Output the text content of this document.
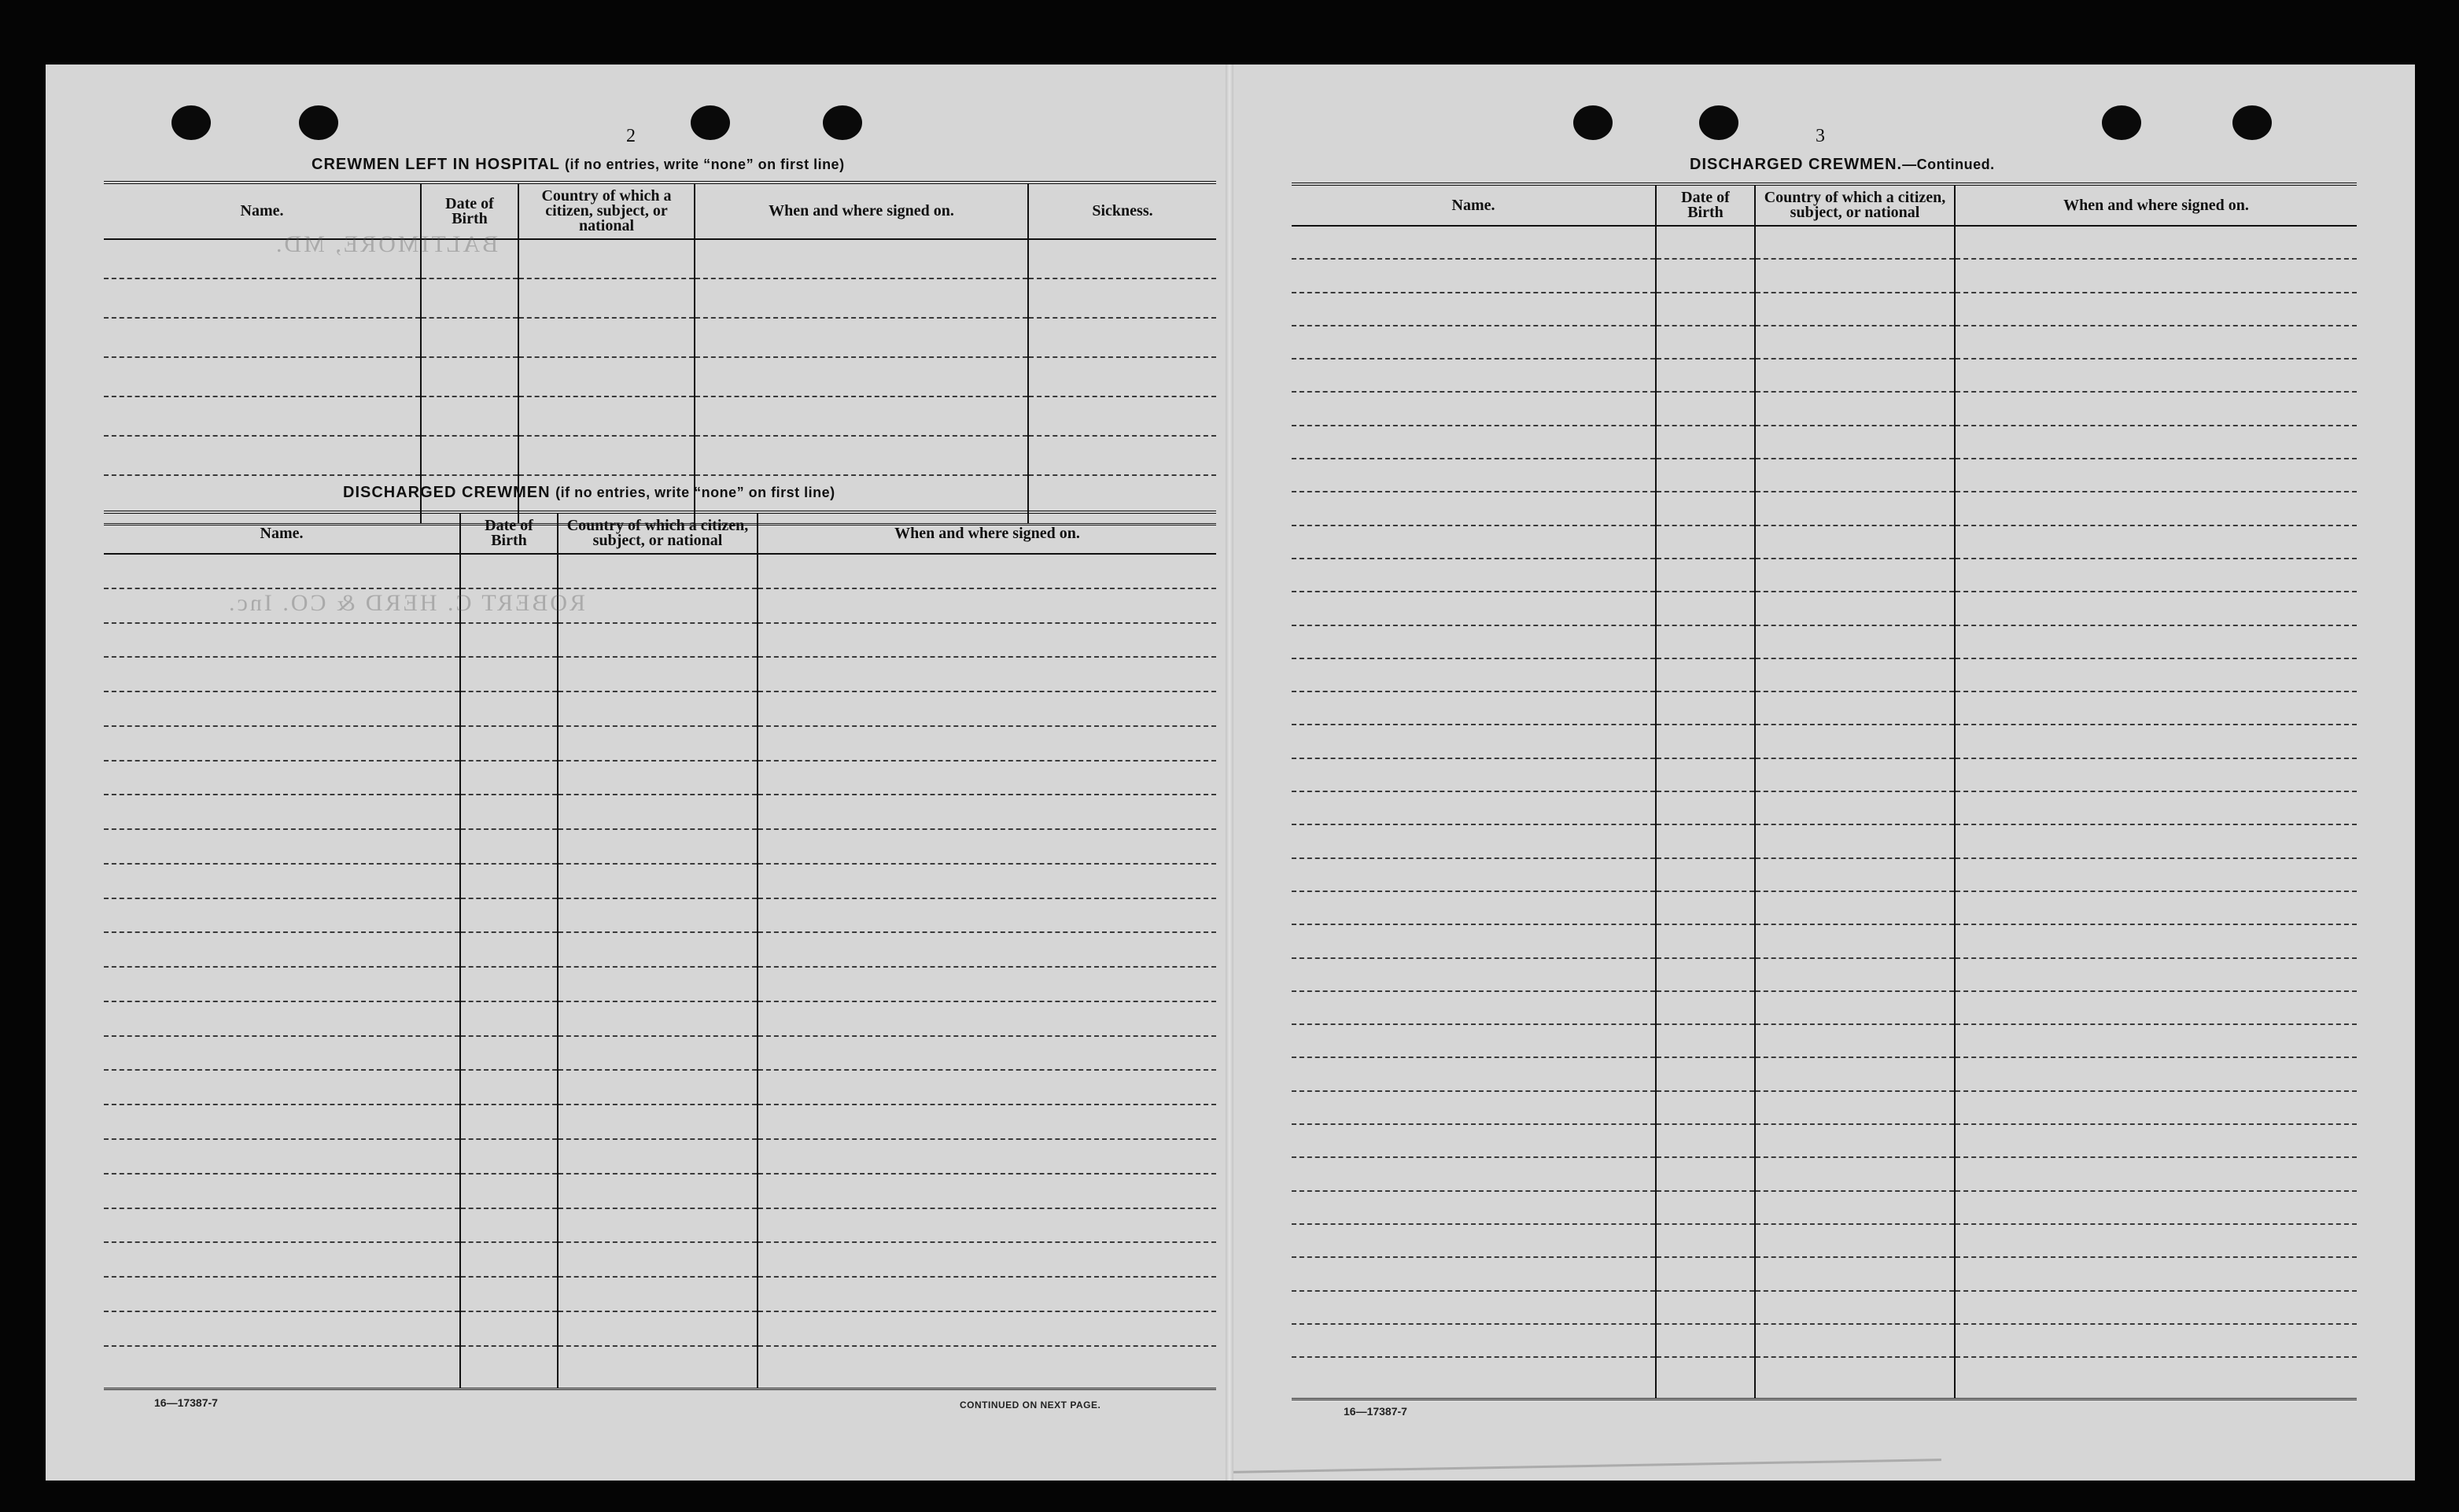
2
CREWMEN LEFT IN HOSPITAL (if no entries, write “none” on first line)
Name.	Date of Birth	Country of which a citizen, subject, or national	When and where signed on.	Sickness.

DISCHARGED CREWMEN (if no entries, write “none” on first line)
Name.	Date of Birth	Country of which a citizen, subject, or national	When and where signed on.

BALTIMORE, MD.
ROBERT C. HERD & CO. Inc.
16—17387-7	CONTINUED ON NEXT PAGE.
3
DISCHARGED CREWMEN.—Continued.
Name.	Date of Birth	Country of which a citizen, subject, or national	When and where signed on.

16—17387-7
